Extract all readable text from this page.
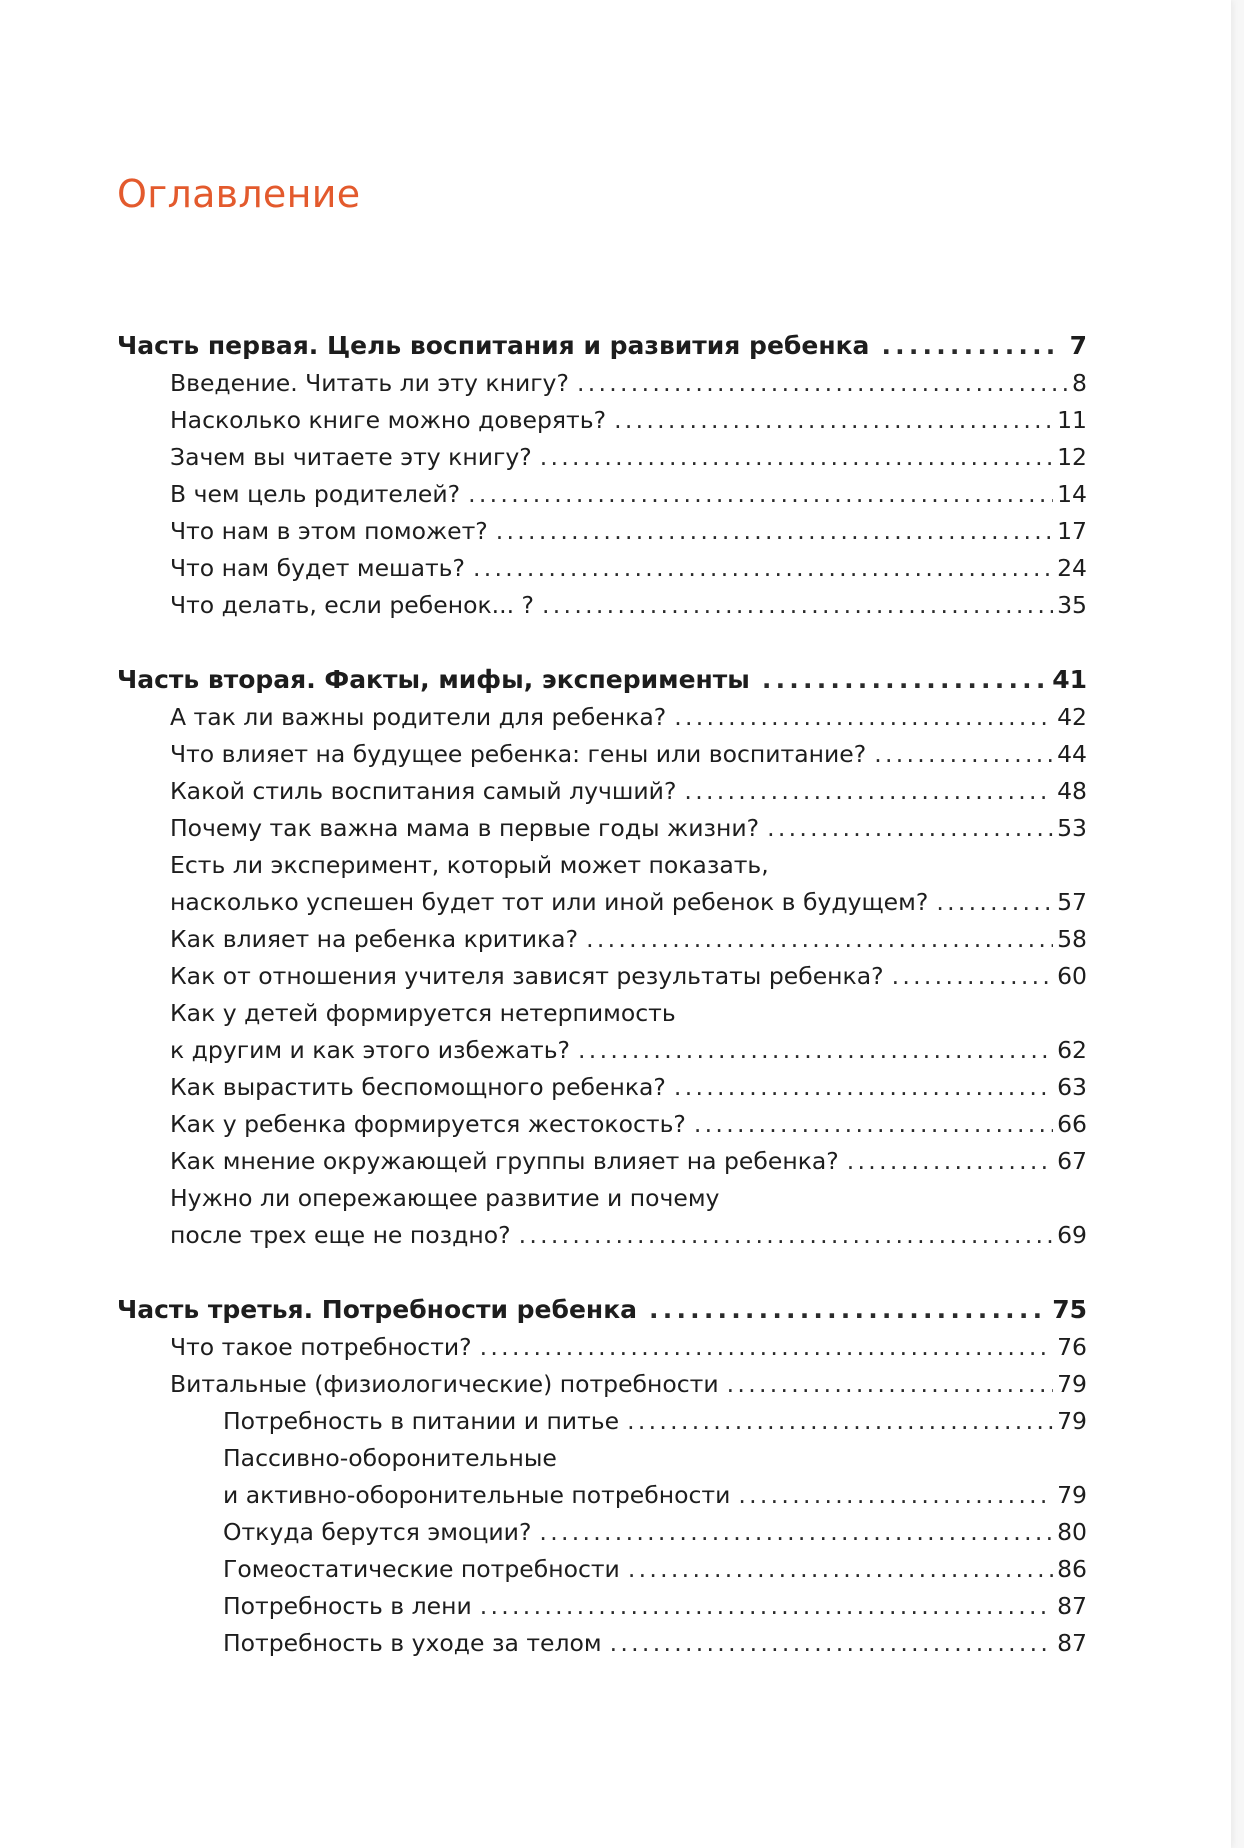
Оглавление
Часть первая. Цель воспитания и развития ребенка .....	7
Введение. Читать ли эту книгу? .....	8
Насколько книге можно доверять? .....	11
Зачем вы читаете эту книгу? .....	12
В чем цель родителей? .....	14
Что нам в этом поможет? .....	17
Что нам будет мешать? .....	24
Что делать, если ребенок... ? .....	35
Часть вторая. Факты, мифы, эксперименты .....	41
А так ли важны родители для ребенка? .....	42
Что влияет на будущее ребенка: гены или воспитание? .....	44
Какой стиль воспитания самый лучший? .....	48
Почему так важна мама в первые годы жизни? .....	53
Есть ли эксперимент, который может показать,
насколько успешен будет тот или иной ребенок в будущем? .....	57
Как влияет на ребенка критика? .....	58
Как от отношения учителя зависят результаты ребенка? .....	60
Как у детей формируется нетерпимость
к другим и как этого избежать? .....	62
Как вырастить беспомощного ребенка? .....	63
Как у ребенка формируется жестокость? .....	66
Как мнение окружающей группы влияет на ребенка? .....	67
Нужно ли опережающее развитие и почему
после трех еще не поздно? .....	69
Часть третья. Потребности ребенка .....	75
Что такое потребности? .....	76
Витальные (физиологические) потребности .....	79
Потребность в питании и питье .....	79
Пассивно-оборонительные
и активно-оборонительные потребности .....	79
Откуда берутся эмоции? .....	80
Гомеостатические потребности .....	86
Потребность в лени .....	87
Потребность в уходе за телом .....	87
